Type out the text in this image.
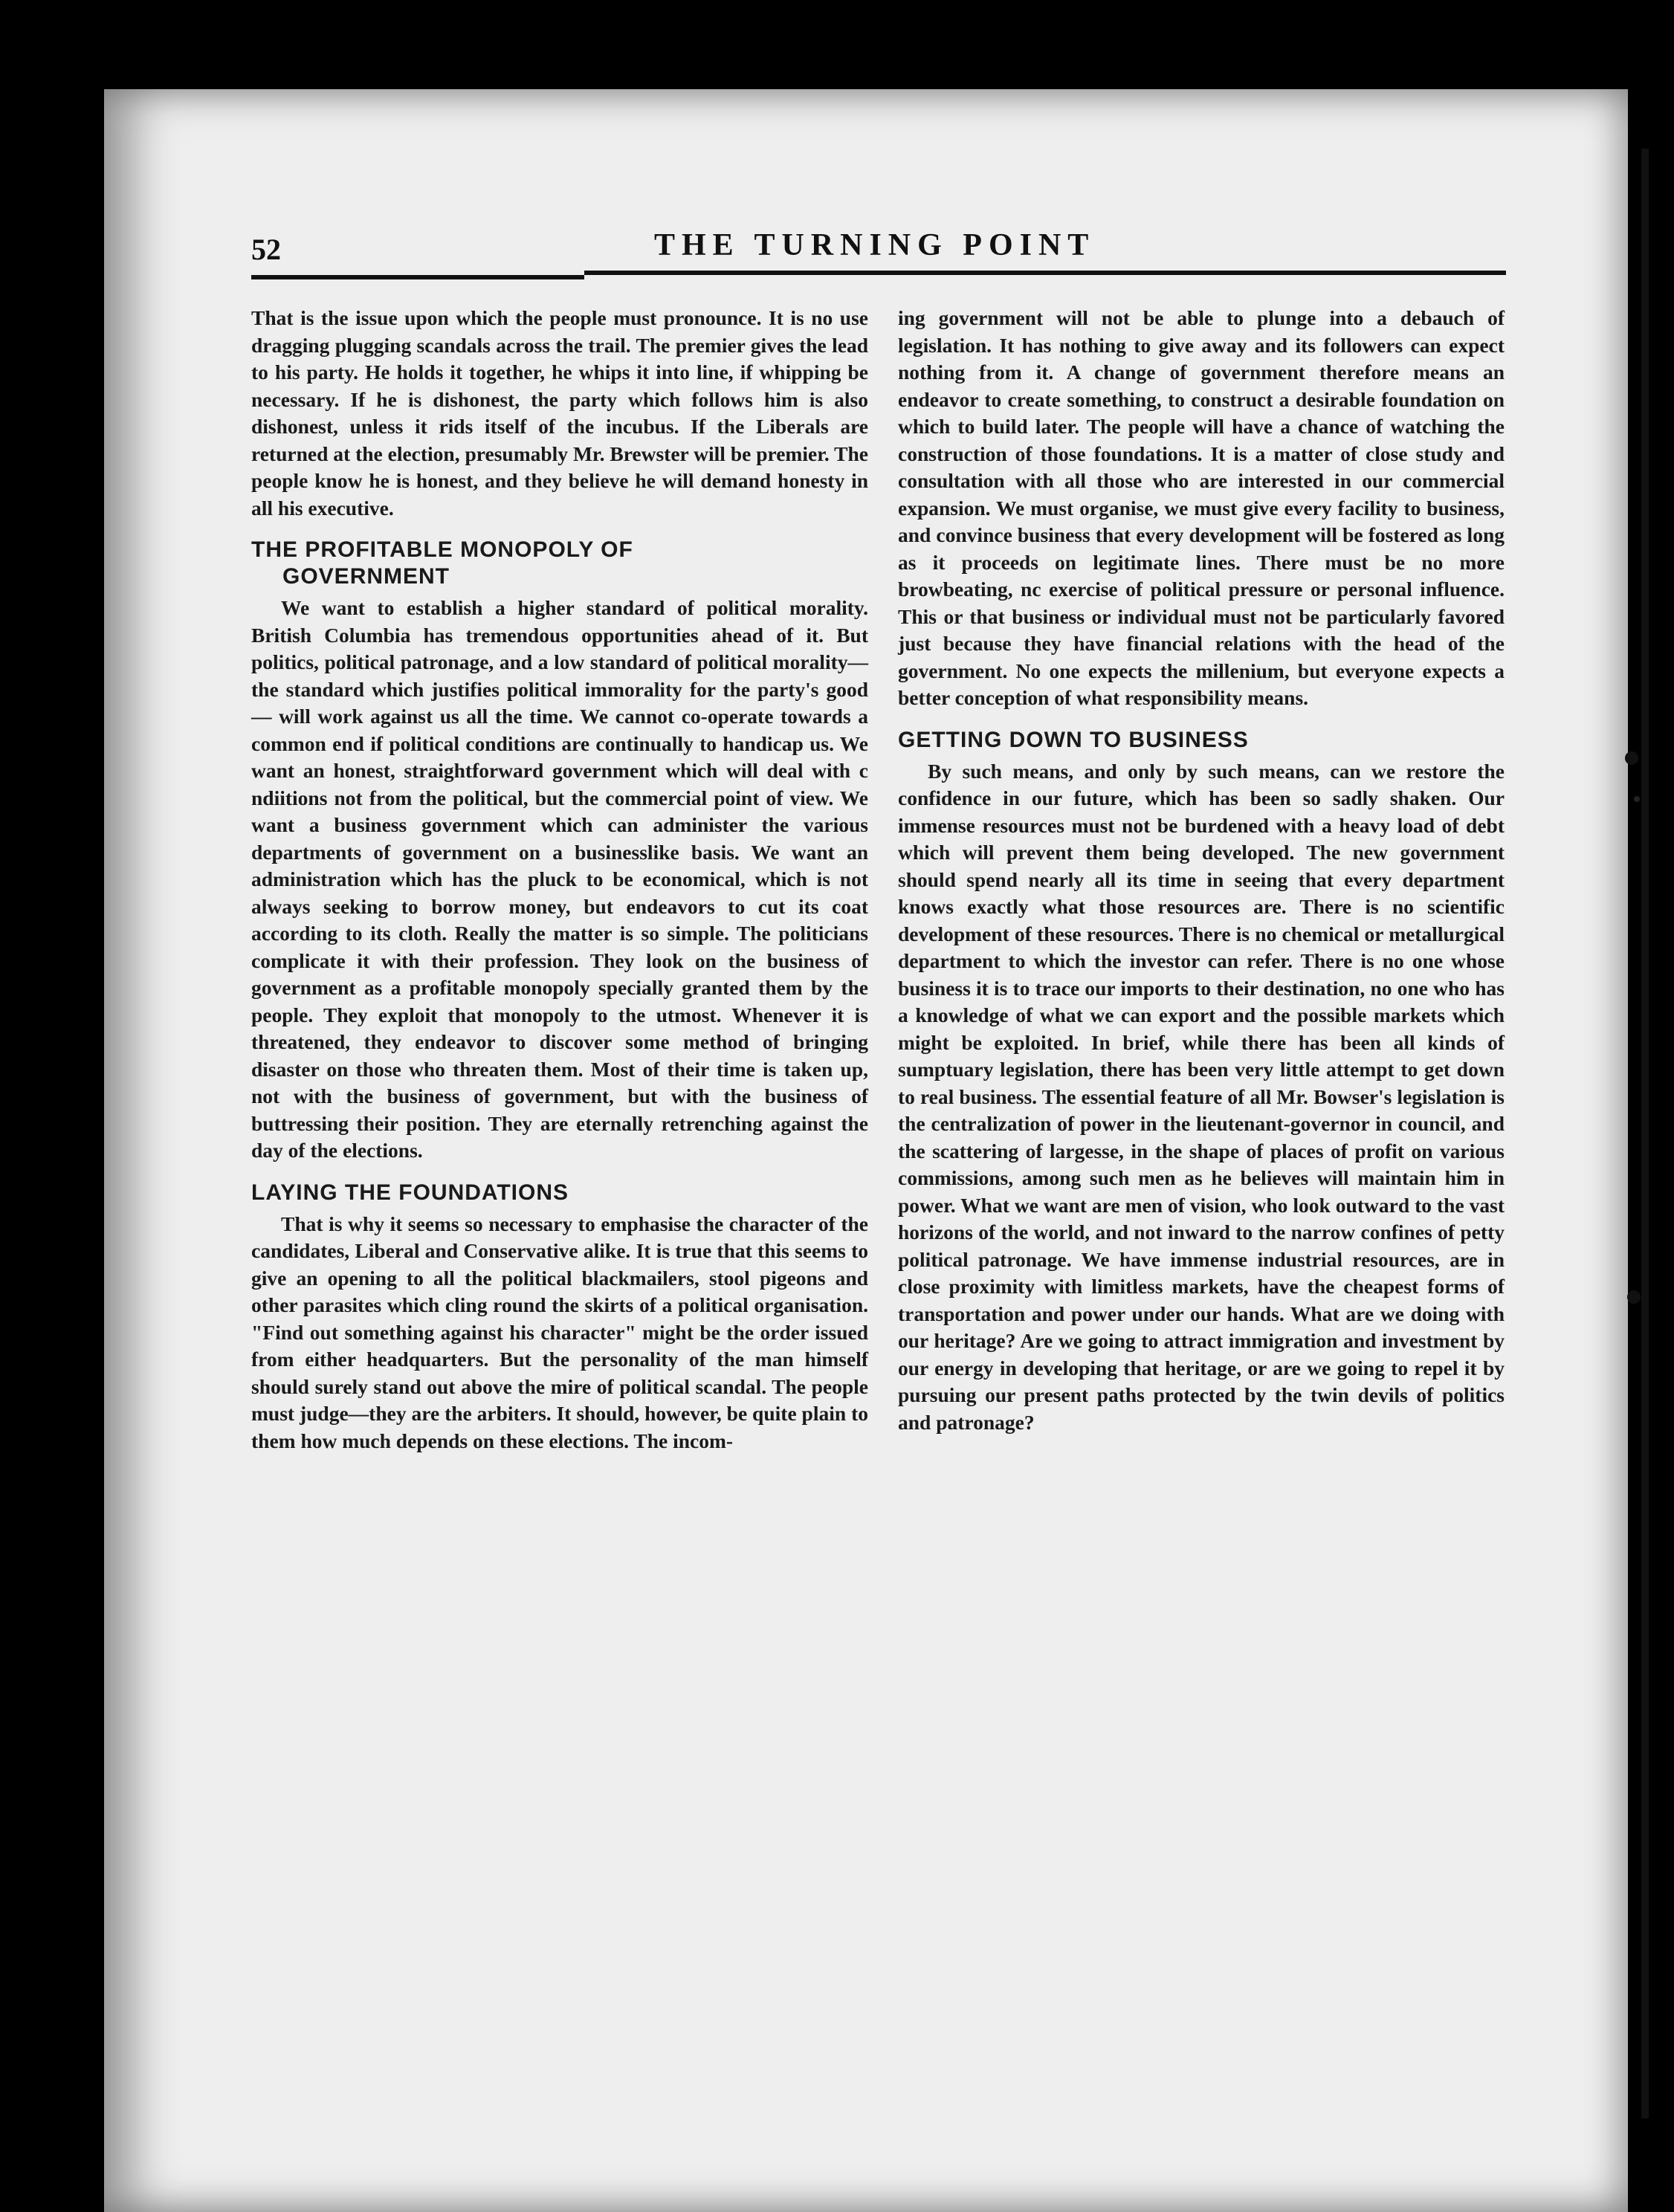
52	THE TURNING POINT

That is the issue upon which the people must pronounce. It is no use dragging plugging scandals across the trail. The premier gives the lead to his party. He holds it together, he whips it into line, if whipping be necessary. If he is dishonest, the party which follows him is also dishonest, unless it rids itself of the incubus. If the Liberals are returned at the election, presumably Mr. Brewster will be premier. The people know he is honest, and they believe he will demand honesty in all his executive.

THE PROFITABLE MONOPOLY OF
GOVERNMENT

We want to establish a higher standard of political morality. British Columbia has tremendous opportunities ahead of it. But politics, political patronage, and a low standard of political morality—the standard which justifies political immorality for the party's good — will work against us all the time. We cannot co-operate towards a common end if political conditions are continually to handicap us. We want an honest, straightforward government which will deal with c ndiitions not from the political, but the commercial point of view. We want a business government which can administer the various departments of government on a businesslike basis. We want an administration which has the pluck to be economical, which is not always seeking to borrow money, but endeavors to cut its coat according to its cloth. Really the matter is so simple. The politicians complicate it with their profession. They look on the business of government as a profitable monopoly specially granted them by the people. They exploit that monopoly to the utmost. Whenever it is threatened, they endeavor to discover some method of bringing disaster on those who threaten them. Most of their time is taken up, not with the business of government, but with the business of buttressing their position. They are eternally retrenching against the day of the elections.

LAYING THE FOUNDATIONS

That is why it seems so necessary to emphasise the character of the candidates, Liberal and Conservative alike. It is true that this seems to give an opening to all the political blackmailers, stool pigeons and other parasites which cling round the skirts of a political organisation. "Find out something against his character" might be the order issued from either headquarters. But the personality of the man himself should surely stand out above the mire of political scandal. The people must judge—they are the arbiters. It should, however, be quite plain to them how much depends on these elections. The incom-

ing government will not be able to plunge into a debauch of legislation. It has nothing to give away and its followers can expect nothing from it. A change of government therefore means an endeavor to create something, to construct a desirable foundation on which to build later. The people will have a chance of watching the construction of those foundations. It is a matter of close study and consultation with all those who are interested in our commercial expansion. We must organise, we must give every facility to business, and convince business that every development will be fostered as long as it proceeds on legitimate lines. There must be no more browbeating, nc exercise of political pressure or personal influence. This or that business or individual must not be particularly favored just because they have financial relations with the head of the government. No one expects the millenium, but everyone expects a better conception of what responsibility means.

GETTING DOWN TO BUSINESS

By such means, and only by such means, can we restore the confidence in our future, which has been so sadly shaken. Our immense resources must not be burdened with a heavy load of debt which will prevent them being developed. The new government should spend nearly all its time in seeing that every department knows exactly what those resources are. There is no scientific development of these resources. There is no chemical or metallurgical department to which the investor can refer. There is no one whose business it is to trace our imports to their destination, no one who has a knowledge of what we can export and the possible markets which might be exploited. In brief, while there has been all kinds of sumptuary legislation, there has been very little attempt to get down to real business. The essential feature of all Mr. Bowser's legislation is the centralization of power in the lieutenant-governor in council, and the scattering of largesse, in the shape of places of profit on various commissions, among such men as he believes will maintain him in power. What we want are men of vision, who look outward to the vast horizons of the world, and not inward to the narrow confines of petty political patronage. We have immense industrial resources, are in close proximity with limitless markets, have the cheapest forms of transportation and power under our hands. What are we doing with our heritage? Are we going to attract immigration and investment by our energy in developing that heritage, or are we going to repel it by pursuing our present paths protected by the twin devils of politics and patronage?
